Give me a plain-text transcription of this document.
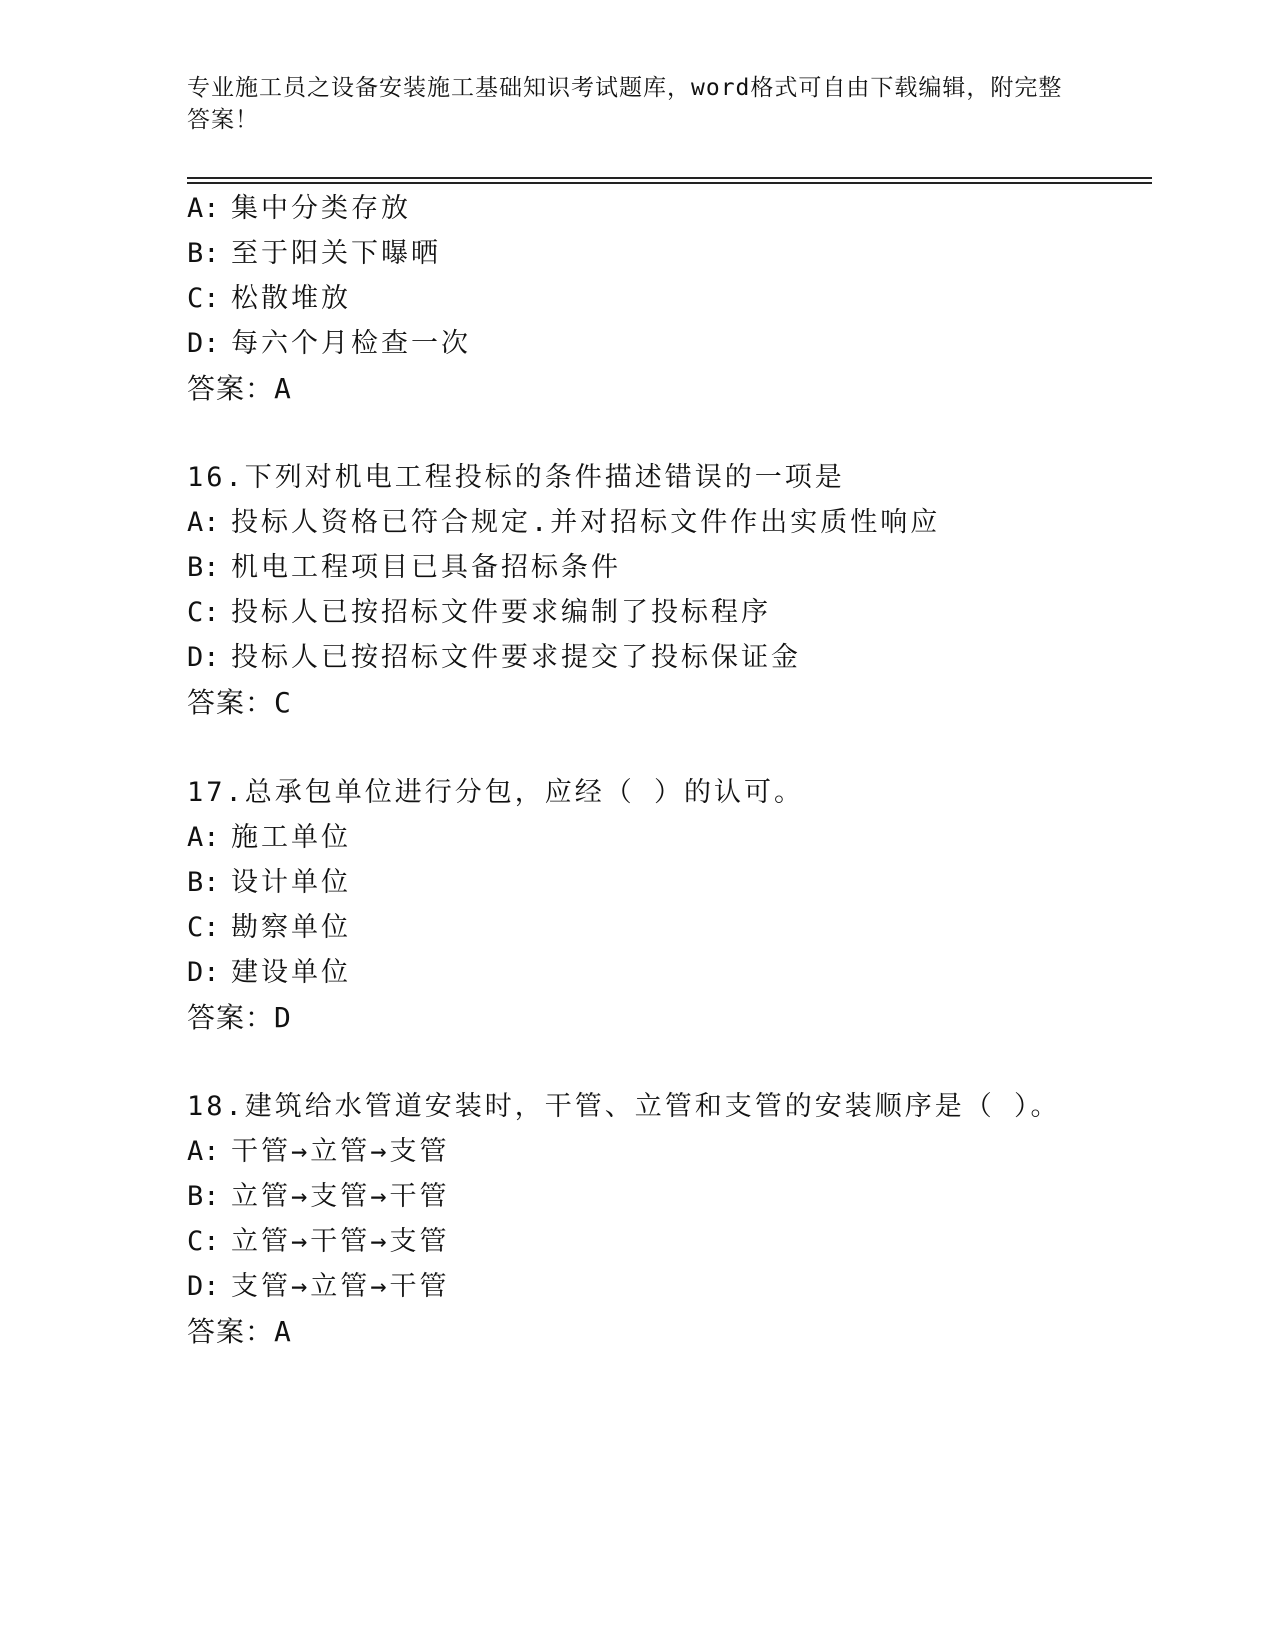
专业施工员之设备安装施工基础知识考试题库，word格式可自由下载编辑，附完整答案！
A: 集中分类存放
B: 至于阳关下曝晒
C: 松散堆放
D: 每六个月检查一次
答案：A
16.下列对机电工程投标的条件描述错误的一项是
A: 投标人资格已符合规定.并对招标文件作出实质性响应
B: 机电工程项目已具备招标条件
C: 投标人已按招标文件要求编制了投标程序
D: 投标人已按招标文件要求提交了投标保证金
答案：C
17.总承包单位进行分包，应经（ ）的认可。
A: 施工单位
B: 设计单位
C: 勘察单位
D: 建设单位
答案：D
18.建筑给水管道安装时，干管、立管和支管的安装顺序是（ ）。
A: 干管→立管→支管
B: 立管→支管→干管
C: 立管→干管→支管
D: 支管→立管→干管
答案：A
